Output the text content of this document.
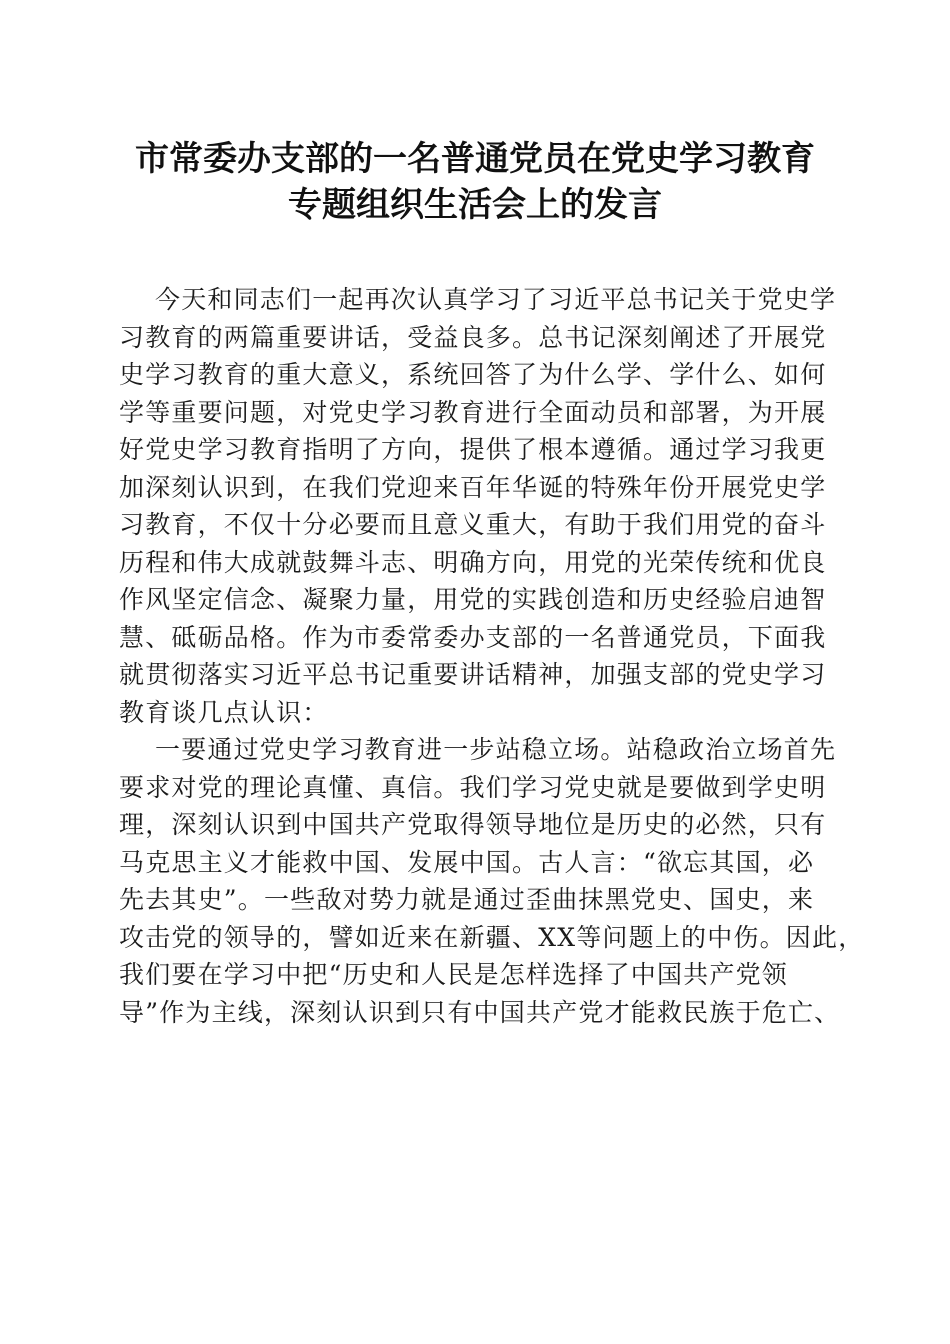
市常委办支部的一名普通党员在党史学习教育
专题组织生活会上的发言
今天和同志们一起再次认真学习了习近平总书记关于党史学
习教育的两篇重要讲话，受益良多。总书记深刻阐述了开展党
史学习教育的重大意义，系统回答了为什么学、学什么、如何
学等重要问题，对党史学习教育进行全面动员和部署，为开展
好党史学习教育指明了方向，提供了根本遵循。通过学习我更
加深刻认识到，在我们党迎来百年华诞的特殊年份开展党史学
习教育，不仅十分必要而且意义重大，有助于我们用党的奋斗
历程和伟大成就鼓舞斗志、明确方向，用党的光荣传统和优良
作风坚定信念、凝聚力量，用党的实践创造和历史经验启迪智
慧、砥砺品格。作为市委常委办支部的一名普通党员，下面我
就贯彻落实习近平总书记重要讲话精神，加强支部的党史学习
教育谈几点认识：
一要通过党史学习教育进一步站稳立场。站稳政治立场首先
要求对党的理论真懂、真信。我们学习党史就是要做到学史明
理，深刻认识到中国共产党取得领导地位是历史的必然，只有
马克思主义才能救中国、发展中国。古人言：“欲忘其国，必
先去其史”。一些敌对势力就是通过歪曲抹黑党史、国史，来
攻击党的领导的，譬如近来在新疆、XX等问题上的中伤。因此，
我们要在学习中把“历史和人民是怎样选择了中国共产党领
导”作为主线，深刻认识到只有中国共产党才能救民族于危亡、
